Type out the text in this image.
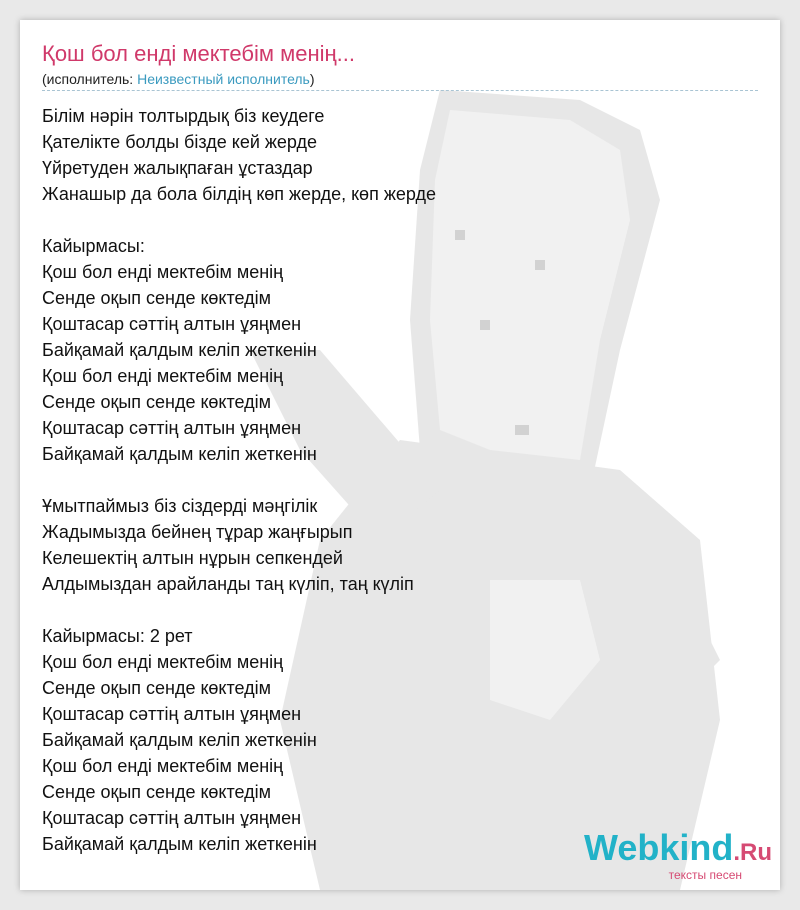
Қош бол енді мектебім менің...
(исполнитель: Неизвестный исполнитель)
Білім нәрін толтырдық біз кеудеге
Қателікте болды бізде кей жерде
Үйретуден жалықпаған ұстаздар
Жанашыр да бола білдің көп жерде, көп жерде
Кайырмасы:
Қош бол енді мектебім менің
Сенде оқып сенде көктедім
Қоштасар сәттің алтын ұяңмен
Байқамай қалдым келіп жеткенін
Қош бол енді мектебім менің
Сенде оқып сенде көктедім
Қоштасар сәттің алтын ұяңмен
Байқамай қалдым келіп жеткенін
Ұмытпаймыз біз сіздерді мәңгілік
Жадымызда бейнең тұрар жаңғырып
Келешектің алтын нұрын сепкендей
Алдымыздан арайланды таң күліп, таң күліп
Кайырмасы: 2 рет
Қош бол енді мектебім менің
Сенде оқып сенде көктедім
Қоштасар сәттің алтын ұяңмен
Байқамай қалдым келіп жеткенін
Қош бол енді мектебім менің
Сенде оқып сенде көктедім
Қоштасар сәттің алтын ұяңмен
Байқамай қалдым келіп жеткенін	Webkind.Ru
тексты песен
